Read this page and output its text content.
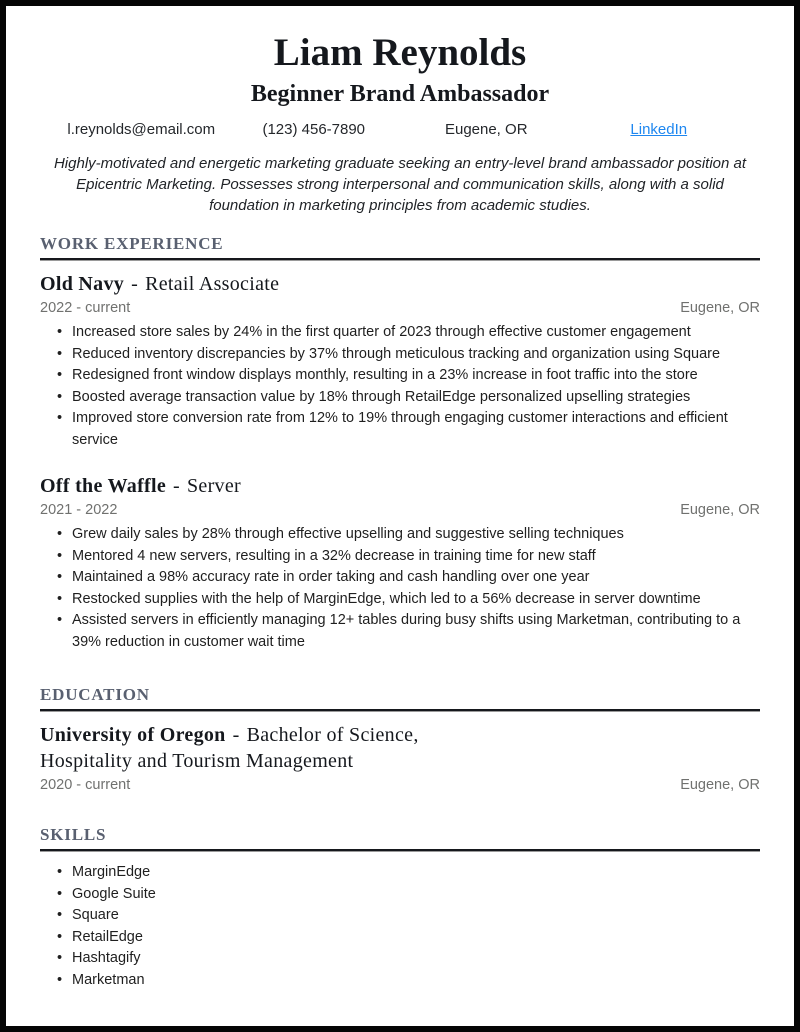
Liam Reynolds
Beginner Brand Ambassador
l.reynolds@email.com	(123) 456-7890	Eugene, OR	LinkedIn
Highly-motivated and energetic marketing graduate seeking an entry-level brand ambassador position at Epicentric Marketing. Possesses strong interpersonal and communication skills, along with a solid foundation in marketing principles from academic studies.
WORK EXPERIENCE
Old Navy - Retail Associate
2022 - current	Eugene, OR
• Increased store sales by 24% in the first quarter of 2023 through effective customer engagement
• Reduced inventory discrepancies by 37% through meticulous tracking and organization using Square
• Redesigned front window displays monthly, resulting in a 23% increase in foot traffic into the store
• Boosted average transaction value by 18% through RetailEdge personalized upselling strategies
• Improved store conversion rate from 12% to 19% through engaging customer interactions and efficient service
Off the Waffle - Server
2021 - 2022	Eugene, OR
• Grew daily sales by 28% through effective upselling and suggestive selling techniques
• Mentored 4 new servers, resulting in a 32% decrease in training time for new staff
• Maintained a 98% accuracy rate in order taking and cash handling over one year
• Restocked supplies with the help of MarginEdge, which led to a 56% decrease in server downtime
• Assisted servers in efficiently managing 12+ tables during busy shifts using Marketman, contributing to a 39% reduction in customer wait time
EDUCATION
University of Oregon - Bachelor of Science,
Hospitality and Tourism Management
2020 - current	Eugene, OR
SKILLS
• MarginEdge
• Google Suite
• Square
• RetailEdge
• Hashtagify
• Marketman
